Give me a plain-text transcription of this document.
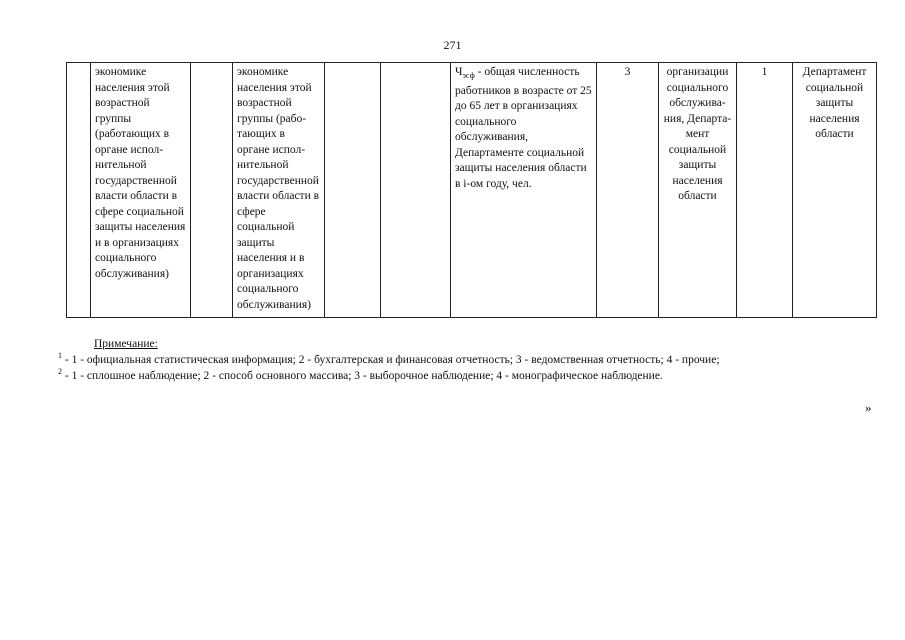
271
	экономике населения этой возрастной группы (работающих в органе исполнительной государственной власти области в сфере социальной защиты населения и в организациях социального обслуживания)		экономике населения этой возрастной группы (работающих в органе исполнительной государственной власти области в сфере социальной защиты населения и в организациях социального обслуживания)			$Ч_{эсф}$ - общая численность работников в возрасте от 25 до 65 лет в организациях социального обслуживания, Департаменте социальной защиты населения области в i-ом году, чел.	3	организации социального обслуживания, Департамент социальной защиты населения области	1	Департамент социальной защиты населения области
Примечание:
$^1$ - 1 - официальная статистическая информация; 2 - бухгалтерская и финансовая отчетность; 3 - ведомственная отчетность; 4 - прочие;
$^2$ - 1 - сплошное наблюдение; 2 - способ основного массива; 3 - выборочное наблюдение; 4 - монографическое наблюдение.
»
